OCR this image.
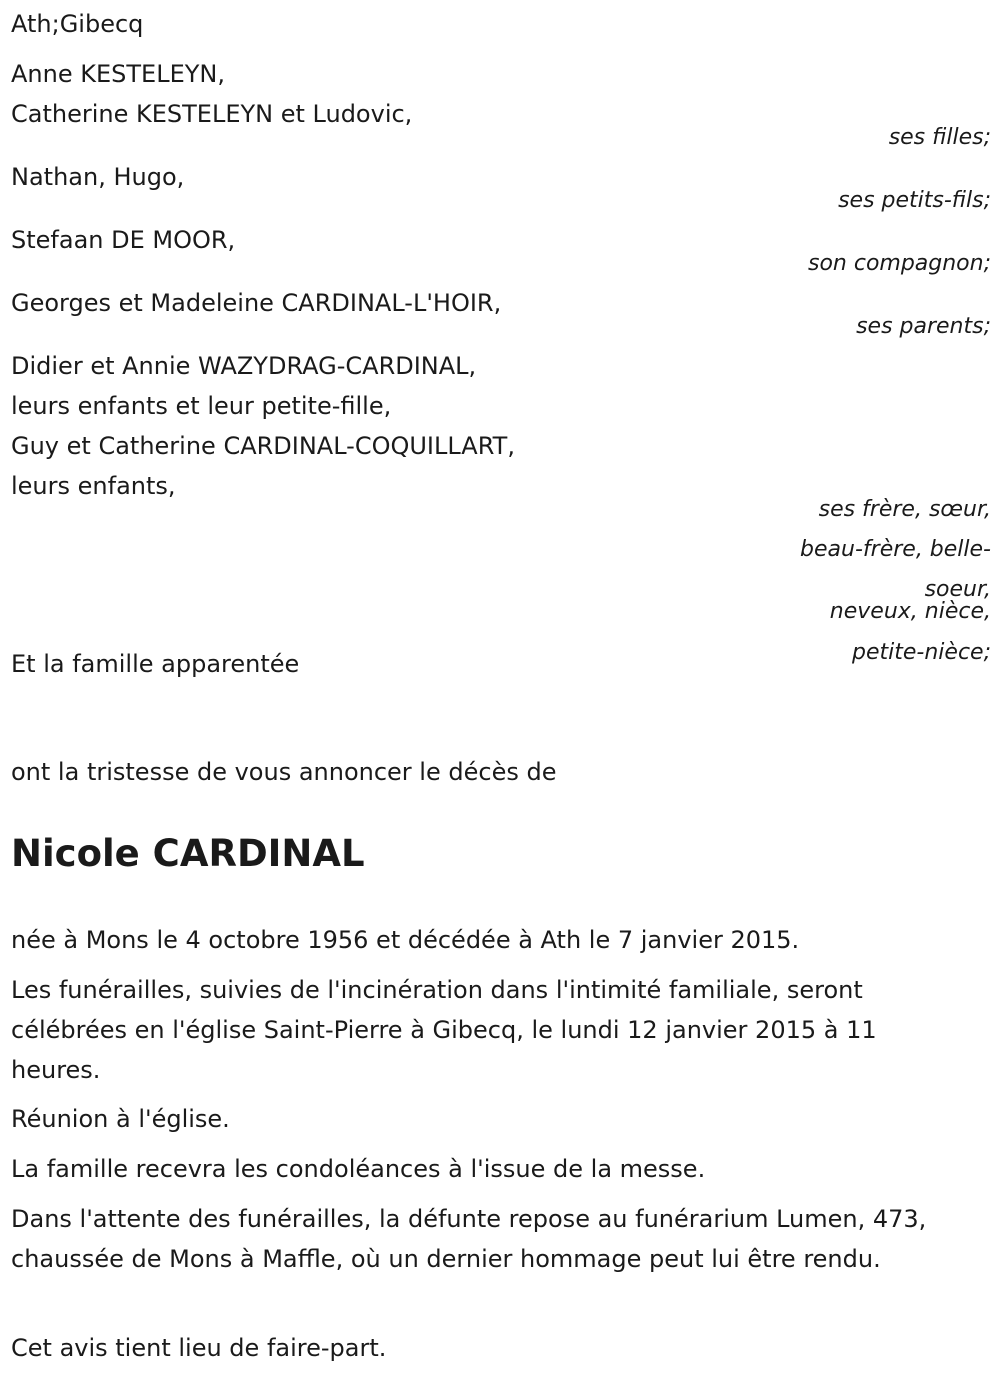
Ath;Gibecq
Anne KESTELEYN,
Catherine KESTELEYN et Ludovic,
ses filles;
Nathan, Hugo,
ses petits-fils;
Stefaan DE MOOR,
son compagnon;
Georges et Madeleine CARDINAL-L'HOIR,
ses parents;
Didier et Annie WAZYDRAG-CARDINAL,
leurs enfants et leur petite-fille,
Guy et Catherine CARDINAL-COQUILLART,
leurs enfants,
ses frère, sœur,
beau-frère, belle-
soeur,
neveux, nièce,
petite-nièce;
Et la famille apparentée
ont la tristesse de vous annoncer le décès de
Nicole CARDINAL
née à Mons le 4 octobre 1956 et décédée à Ath le 7 janvier 2015.
Les funérailles, suivies de l'incinération dans l'intimité familiale, seront célébrées en l'église Saint-Pierre à Gibecq, le lundi 12 janvier 2015 à 11 heures.
Réunion à l'église.
La famille recevra les condoléances à l'issue de la messe.
Dans l'attente des funérailles, la défunte repose au funérarium Lumen, 473, chaussée de Mons à Maffle, où un dernier hommage peut lui être rendu.
Cet avis tient lieu de faire-part.
